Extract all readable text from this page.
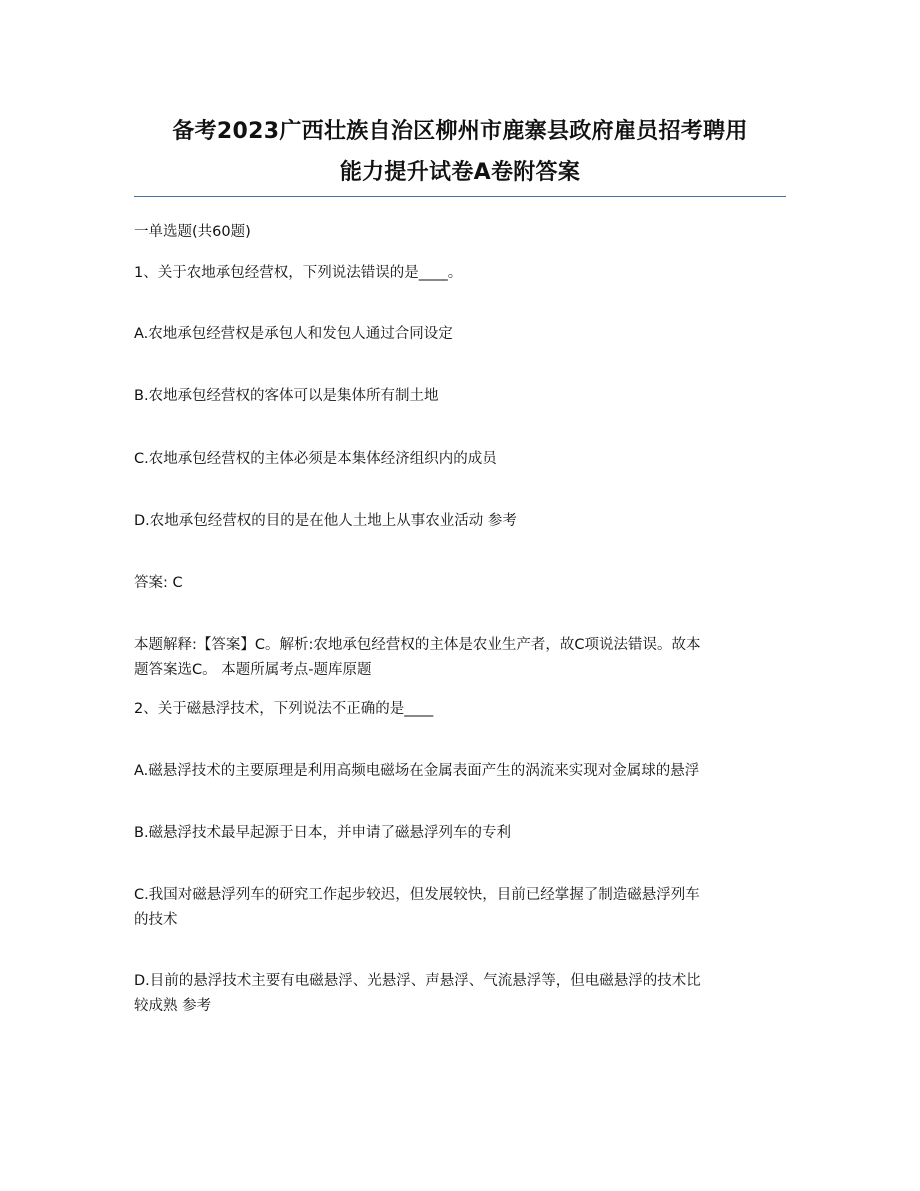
备考2023广西壮族自治区柳州市鹿寨县政府雇员招考聘用
能力提升试卷A卷附答案
一单选题(共60题)
1、关于农地承包经营权，下列说法错误的是____。
A.农地承包经营权是承包人和发包人通过合同设定
B.农地承包经营权的客体可以是集体所有制土地
C.农地承包经营权的主体必须是本集体经济组织内的成员
D.农地承包经营权的目的是在他人土地上从事农业活动 参考
答案: C
本题解释:【答案】C。解析:农地承包经营权的主体是农业生产者，故C项说法错误。故本
题答案选C。 本题所属考点-题库原题
2、关于磁悬浮技术，下列说法不正确的是____
A.磁悬浮技术的主要原理是利用高频电磁场在金属表面产生的涡流来实现对金属球的悬浮
B.磁悬浮技术最早起源于日本，并申请了磁悬浮列车的专利
C.我国对磁悬浮列车的研究工作起步较迟，但发展较快，目前已经掌握了制造磁悬浮列车
的技术
D.目前的悬浮技术主要有电磁悬浮、光悬浮、声悬浮、气流悬浮等，但电磁悬浮的技术比
较成熟 参考
